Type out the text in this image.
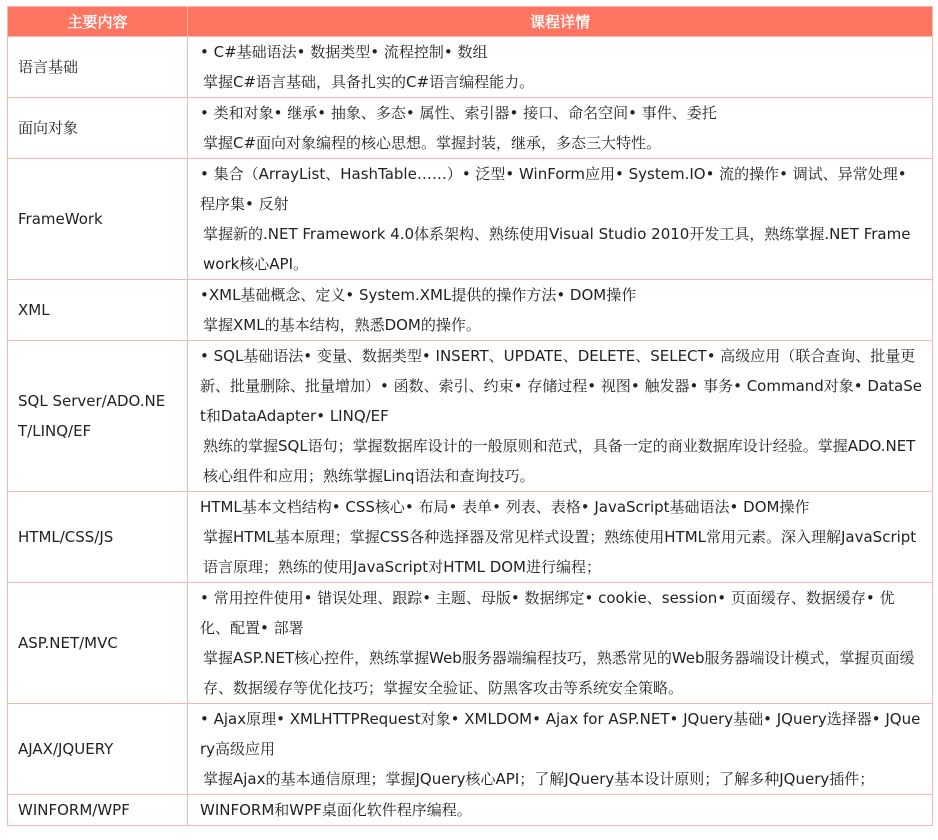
主要内容	课程详情
语言基础	• C#基础语法• 数据类型• 流程控制• 数组
掌握C#语言基础，具备扎实的C#语言编程能力。

面向对象	• 类和对象• 继承• 抽象、多态• 属性、索引器• 接口、命名空间• 事件、委托
掌握C#面向对象编程的核心思想。掌握封装，继承，多态三大特性。

FrameWork	• 集合（ArrayList、HashTable……）• 泛型• WinForm应用• System.IO• 流的操作• 调试、异常处理• 程序集• 反射
掌握新的.NET Framework 4.0体系架构、熟练使用Visual Studio 2010开发工具，熟练掌握.NET Framework核心API。

XML	•XML基础概念、定义• System.XML提供的操作方法• DOM操作
掌握XML的基本结构，熟悉DOM的操作。

SQL Server/ADO.NET/LINQ/EF	• SQL基础语法• 变量、数据类型• INSERT、UPDATE、DELETE、SELECT• 高级应用（联合查询、批量更新、批量删除、批量增加）• 函数、索引、约束• 存储过程• 视图• 触发器• 事务• Command对象• DataSet和DataAdapter• LINQ/EF
熟练的掌握SQL语句；掌握数据库设计的一般原则和范式，具备一定的商业数据库设计经验。掌握ADO.NET核心组件和应用；熟练掌握Linq语法和查询技巧。

HTML/CSS/JS	HTML基本文档结构• CSS核心• 布局• 表单• 列表、表格• JavaScript基础语法• DOM操作
掌握HTML基本原理；掌握CSS各种选择器及常见样式设置；熟练使用HTML常用元素。深入理解JavaScript语言原理；熟练的使用JavaScript对HTML DOM进行编程；

ASP.NET/MVC	• 常用控件使用• 错误处理、跟踪• 主题、母版• 数据绑定• cookie、session• 页面缓存、数据缓存• 优化、配置• 部署
掌握ASP.NET核心控件，熟练掌握Web服务器端编程技巧，熟悉常见的Web服务器端设计模式，掌握页面缓存、数据缓存等优化技巧；掌握安全验证、防黑客攻击等系统安全策略。

AJAX/JQUERY	• Ajax原理• XMLHTTPRequest对象• XMLDOM• Ajax for ASP.NET• JQuery基础• JQuery选择器• JQuery高级应用
掌握Ajax的基本通信原理；掌握JQuery核心API；了解JQuery基本设计原则；了解多种JQuery插件；

WINFORM/WPF	WINFORM和WPF桌面化软件程序编程。
